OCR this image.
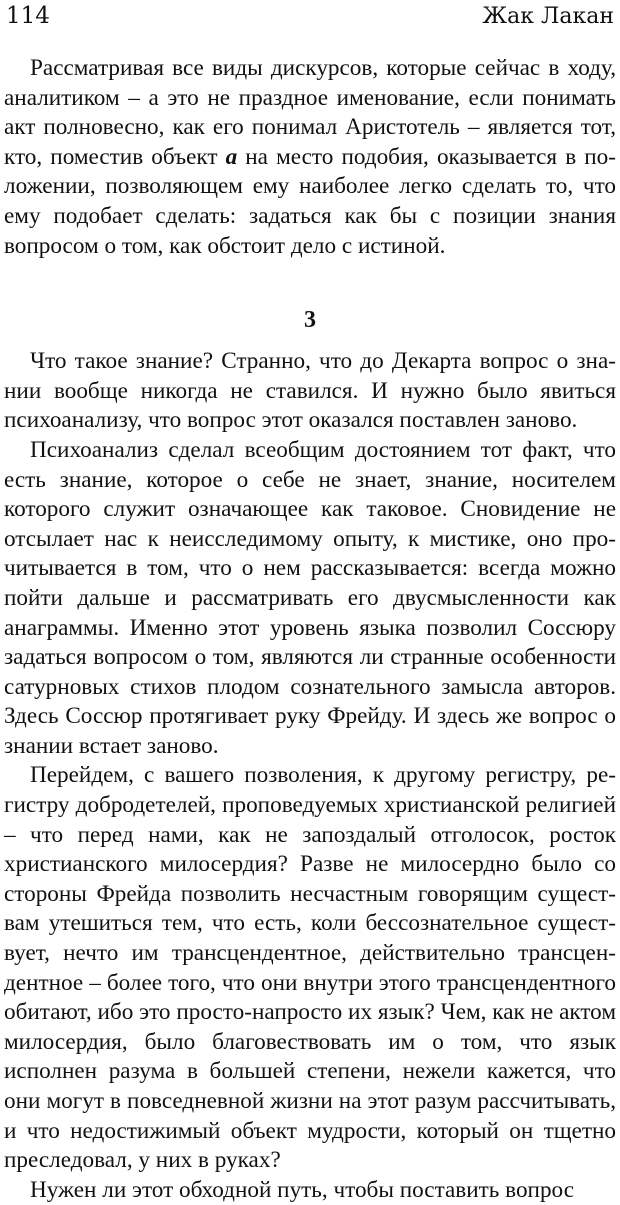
114	Жак Лакан

Рассматривая все виды дискурсов, которые сейчас в ходу, аналитиком – а это не праздное именование, если понимать акт полновесно, как его понимал Аристотель – является тот, кто, поместив объект а на место подобия, оказывается в положении, позволяющем ему наиболее легко сделать то, что ему подобает сделать: задаться как бы с позиции знания вопросом о том, как обстоит дело с истиной.

3

Что такое знание? Странно, что до Декарта вопрос о знании вообще никогда не ставился. И нужно было явиться психоанализу, что вопрос этот оказался поставлен заново.

Психоанализ сделал всеобщим достоянием тот факт, что есть знание, которое о себе не знает, знание, носителем которого служит означающее как таковое. Сновидение не отсылает нас к неисследимому опыту, к мистике, оно прочитывается в том, что о нем рассказывается: всегда можно пойти дальше и рассматривать его двусмысленности как анаграммы. Именно этот уровень языка позволил Соссюру задаться вопросом о том, являются ли странные особенности сатурновых стихов плодом сознательного замысла авторов. Здесь Соссюр протягивает руку Фрейду. И здесь же вопрос о знании встает заново.

Перейдем, с вашего позволения, к другому регистру, регистру добродетелей, проповедуемых христианской религией – что перед нами, как не запоздалый отголосок, росток христианского милосердия? Разве не милосердно было со стороны Фрейда позволить несчастным говорящим существам утешиться тем, что есть, коли бессознательное существует, нечто им трансцендентное, действительно трансцендентное – более того, что они внутри этого трансцендентного обитают, ибо это просто-напросто их язык? Чем, как не актом милосердия, было благовествовать им о том, что язык исполнен разума в большей степени, нежели кажется, что они могут в повседневной жизни на этот разум рассчитывать, и что недостижимый объект мудрости, который он тщетно преследовал, у них в руках?

Нужен ли этот обходной путь, чтобы поставить вопрос
